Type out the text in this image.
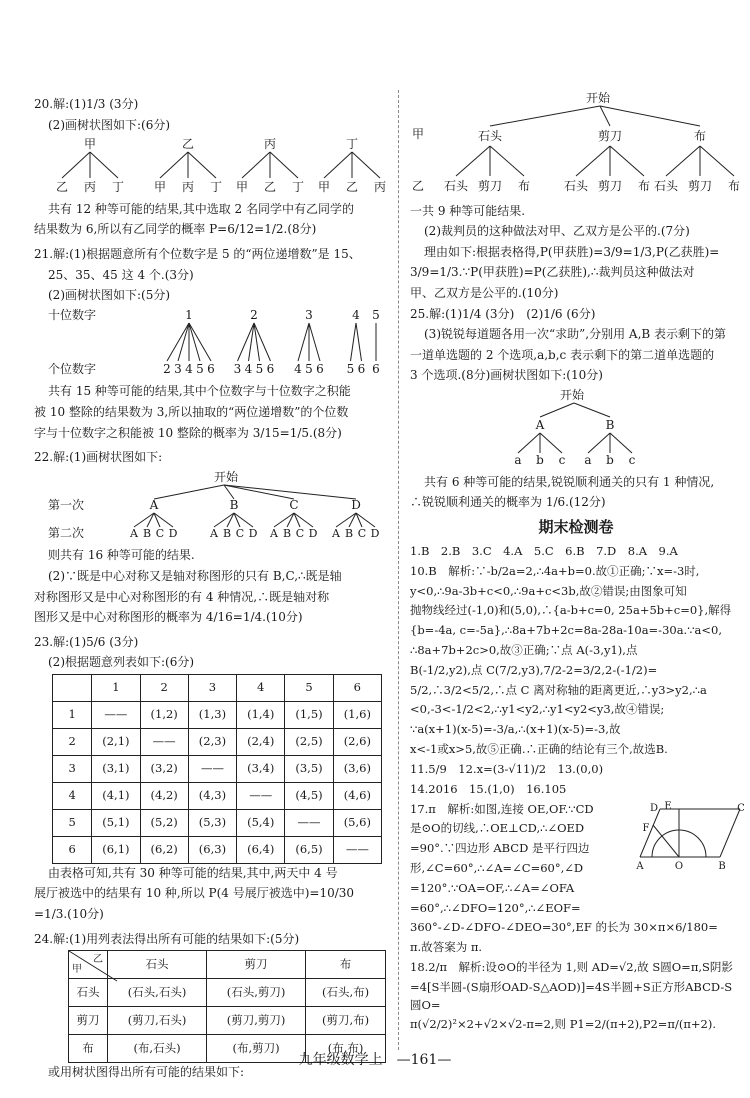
20.解:(1)1/3 (3分)

(2)画树状图如下:(6分)

甲
乙 丙 丁
乙
甲 丙 丁
丙
甲 乙 丁
丁
甲 乙 丙

共有 12 种等可能的结果,其中选取 2 名同学中有乙同学的

结果数为 6,所以有乙同学的概率 P=6/12=1/2.(8分)

21.解:(1)根据题意所有个位数字是 5 的“两位递增数”是 15、

25、35、45 这 4 个.(3分)

(2)画树状图如下:(5分)

十位数字
个位数字
1
2 3 4 5 6
2
3 4 5 6
3
4 5 6
4
5 6
5
6

共有 15 种等可能的结果,其中个位数字与十位数字之积能

被 10 整除的结果数为 3,所以抽取的“两位递增数”的个位数

字与十位数字之积能被 10 整除的概率为 3/15=1/5.(8分)

22.解:(1)画树状图如下:

开始
第一次
第二次
A
A B C D
B
A B C D
C
A B C D
D
A B C D

则共有 16 种等可能的结果.

(2)∵既是中心对称又是轴对称图形的只有 B,C,∴既是轴

对称图形又是中心对称图形的有 4 种情况,∴既是轴对称

图形又是中心对称图形的概率为 4/16=1/4.(10分)

23.解:(1)5/6 (3分)

(2)根据题意列表如下:(6分)

	1	2	3	4	5	6
1	——	(1,2)	(1,3)	(1,4)	(1,5)	(1,6)
2	(2,1)	——	(2,3)	(2,4)	(2,5)	(2,6)
3	(3,1)	(3,2)	——	(3,4)	(3,5)	(3,6)
4	(4,1)	(4,2)	(4,3)	——	(4,5)	(4,6)
5	(5,1)	(5,2)	(5,3)	(5,4)	——	(5,6)
6	(6,1)	(6,2)	(6,3)	(6,4)	(6,5)	——

由表格可知,共有 30 种等可能的结果,其中,两天中 4 号

展厅被选中的结果有 10 种,所以 P(4 号展厅被选中)=10/30

=1/3.(10分)

24.解:(1)用列表法得出所有可能的结果如下:(5分)

乙
甲	石头	剪刀	布
石头	(石头,石头)	(石头,剪刀)	(石头,布)
剪刀	(剪刀,石头)	(剪刀,剪刀)	(剪刀,布)
布	(布,石头)	(布,剪刀)	(布,布)

或用树状图得出所有可能的结果如下:

开始
甲
乙
石头
石头 剪刀 布
剪刀
石头 剪刀 布
布
石头 剪刀 布

一共 9 种等可能结果.

(2)裁判员的这种做法对甲、乙双方是公平的.(7分)

理由如下:根据表格得,P(甲获胜)=3/9=1/3,P(乙获胜)=

3/9=1/3.∵P(甲获胜)=P(乙获胜),∴裁判员这种做法对

甲、乙双方是公平的.(10分)

25.解:(1)1/4 (3分)　(2)1/6 (6分)

(3)锐锐每道题各用一次“求助”,分别用 A,B 表示剩下的第

一道单选题的 2 个选项,a,b,c 表示剩下的第二道单选题的

3 个选项.(8分)画树状图如下:(10分)

开始
A
a b c
B
a b c

共有 6 种等可能的结果,锐锐顺利通关的只有 1 种情况,

∴锐锐顺利通关的概率为 1/6.(12分)

期末检测卷

1.B　2.B　3.C　4.A　5.C　6.B　7.D　8.A　9.A

10.B　解析:∵-b/2a=2,∴4a+b=0.故①正确;∵x=-3时,

y<0,∴9a-3b+c<0,∴9a+c<3b,故②错误;由图象可知

抛物线经过(-1,0)和(5,0),∴{a-b+c=0, 25a+5b+c=0},解得

{b=-4a, c=-5a},∴8a+7b+2c=8a-28a-10a=-30a.∵a<0,

∴8a+7b+2c>0,故③正确;∵点 A(-3,y1),点

B(-1/2,y2),点 C(7/2,y3),7/2-2=3/2,2-(-1/2)=

5/2,∴3/2<5/2,∴点 C 离对称轴的距离更近,∴y3>y2,∴a

<0,-3<-1/2<2,∴y1<y2,∴y1<y2<y3,故④错误;

∵a(x+1)(x-5)=-3/a,∴(x+1)(x-5)=-3,故

x<-1或x>5,故⑤正确.∴正确的结论有三个,故选B.

11.5/9　12.x=(3-√11)/2　13.(0,0)

14.2016　15.(1,0)　16.105

D E
F
A	O	B
C

17.π　解析:如图,连接 OE,OF.∵CD

是⊙O的切线,∴OE⊥CD,∴∠OED

=90°.∵四边形 ABCD 是平行四边

形,∠C=60°,∴∠A=∠C=60°,∠D

=120°.∵OA=OF,∴∠A=∠OFA

=60°,∴∠DFO=120°,∴∠EOF=

360°-∠D-∠DFO-∠DEO=30°,EF 的长为 30×π×6/180=

π.故答案为 π.

18.2/π　解析:设⊙O的半径为 1,则 AD=√2,故 S圆O=π,S阴影

=4[S半圆-(S扇形OAD-S△AOD)]=4S半圆+S正方形ABCD-S圆O=

π(√2/2)²×2+√2×√2-π=2,则 P1=2/(π+2),P2=π/(π+2).

九年级数学上　—161—
